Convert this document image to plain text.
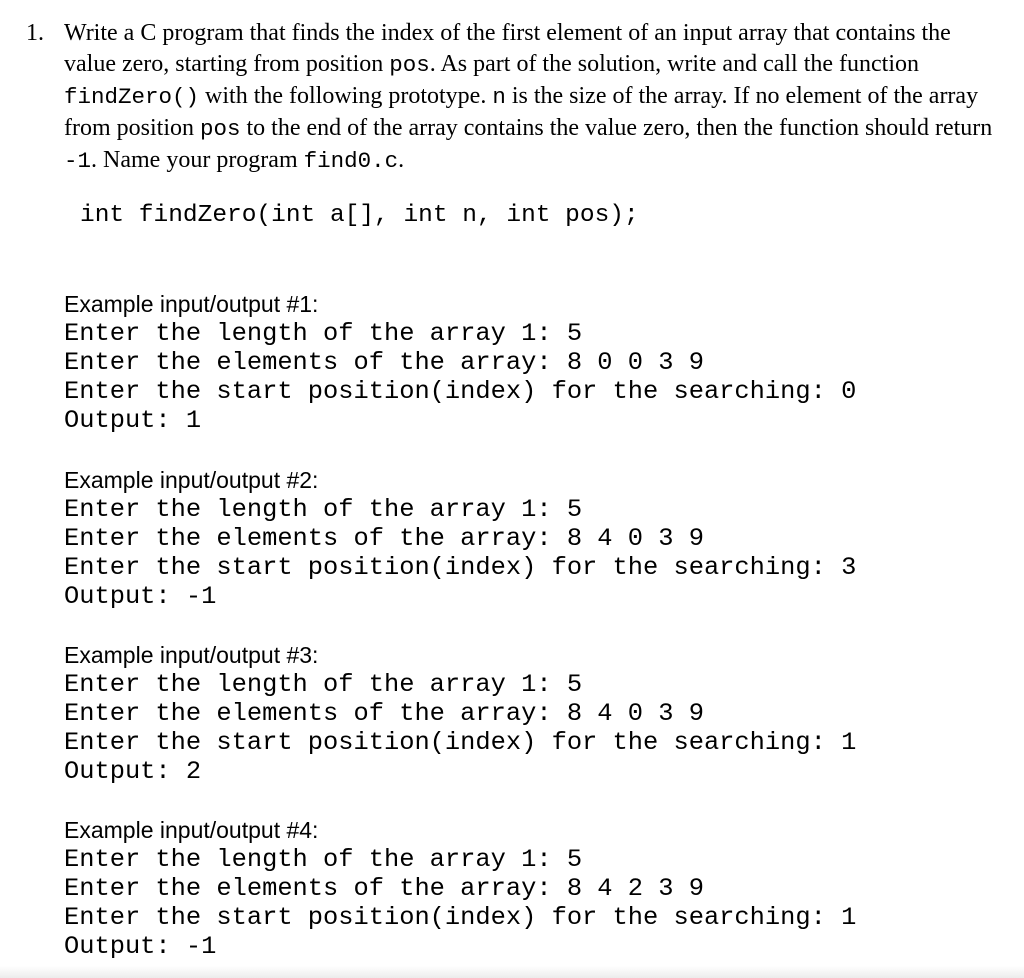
1. Write a C program that finds the index of the first element of an input array that contains the value zero, starting from position pos. As part of the solution, write and call the function findZero() with the following prototype. n is the size of the array. If no element of the array from position pos to the end of the array contains the value zero, then the function should return -1. Name your program find0.c.
int findZero(int a[], int n, int pos);
Example input/output #1:
Enter the length of the array 1: 5
Enter the elements of the array: 8 0 0 3 9
Enter the start position(index) for the searching: 0
Output: 1
Example input/output #2:
Enter the length of the array 1: 5
Enter the elements of the array: 8 4 0 3 9
Enter the start position(index) for the searching: 3
Output: -1
Example input/output #3:
Enter the length of the array 1: 5
Enter the elements of the array: 8 4 0 3 9
Enter the start position(index) for the searching: 1
Output: 2
Example input/output #4:
Enter the length of the array 1: 5
Enter the elements of the array: 8 4 2 3 9
Enter the start position(index) for the searching: 1
Output: -1
